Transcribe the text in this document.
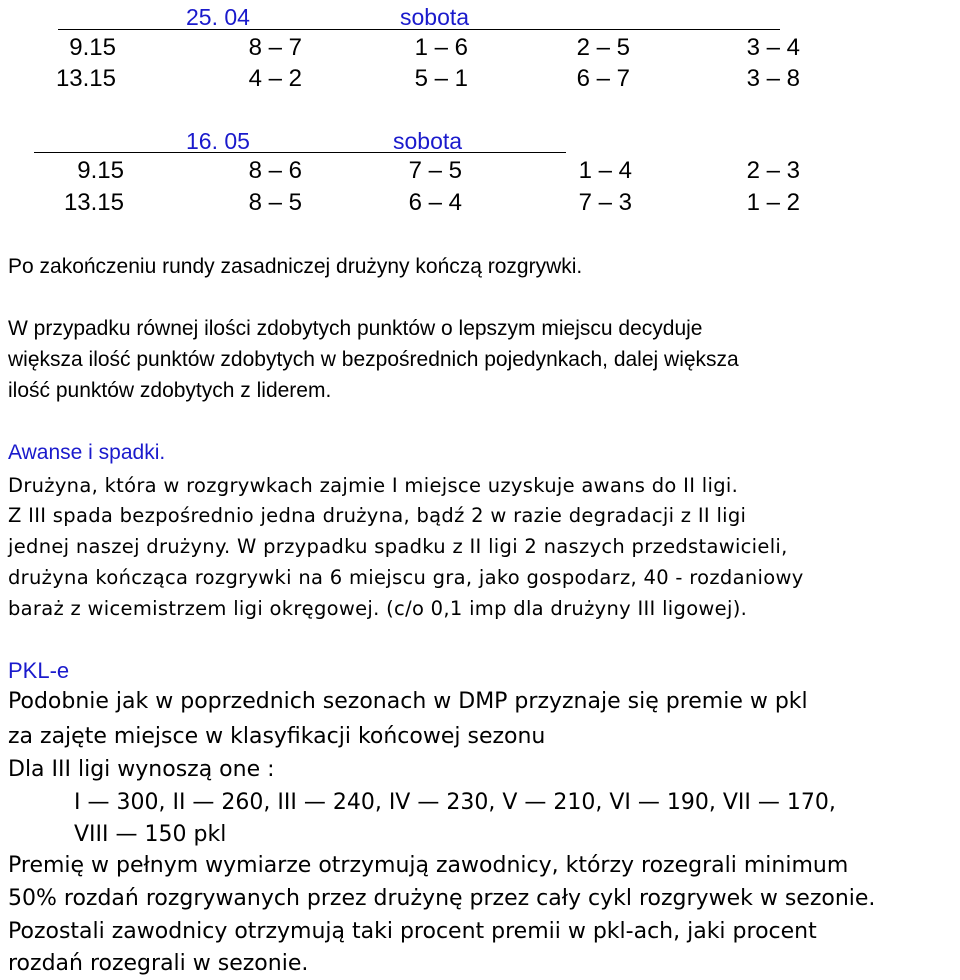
25. 04	sobota
9.15	8 – 7	1 – 6	2 – 5	3 – 4
13.15	4 – 2	5 – 1	6 – 7	3 – 8
16. 05	sobota
9.15	8 – 6	7 – 5	1 – 4	2 – 3
13.15	8 – 5	6 – 4	7 – 3	1 – 2
Po zakończeniu rundy zasadniczej drużyny kończą rozgrywki.
W przypadku równej ilości zdobytych punktów o lepszym miejscu decyduje
większa ilość punktów zdobytych w bezpośrednich pojedynkach, dalej większa
ilość punktów zdobytych z liderem.
Awanse i spadki.
Drużyna, która w rozgrywkach zajmie I miejsce uzyskuje awans do II ligi.
Z III spada bezpośrednio jedna drużyna, bądź 2 w razie degradacji z II ligi
jednej naszej drużyny. W przypadku spadku z II ligi 2 naszych przedstawicieli,
drużyna kończąca rozgrywki na 6 miejscu gra, jako gospodarz, 40 - rozdaniowy
baraż z wicemistrzem ligi okręgowej. (c/o 0,1 imp dla drużyny III ligowej).
PKL-e
Podobnie jak w poprzednich sezonach w DMP przyznaje się premie w pkl
za zajęte miejsce w klasyfikacji końcowej sezonu
Dla III ligi wynoszą one :
I — 300, II — 260, III — 240, IV — 230, V — 210, VI — 190, VII — 170,
VIII — 150 pkl
Premię w pełnym wymiarze otrzymują zawodnicy, którzy rozegrali minimum
50% rozdań rozgrywanych przez drużynę przez cały cykl rozgrywek w sezonie.
Pozostali zawodnicy otrzymują taki procent premii w pkl-ach, jaki procent
rozdań rozegrali w sezonie.
